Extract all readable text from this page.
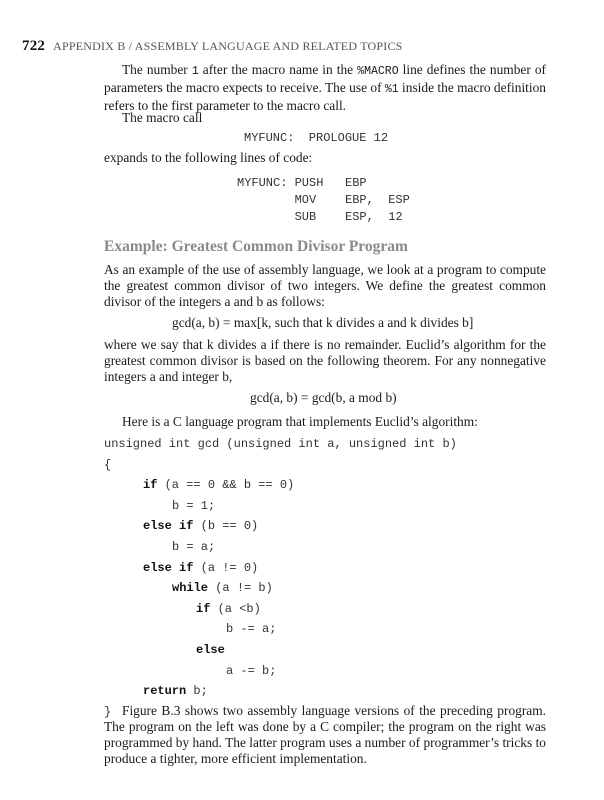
722 APPENDIX B / ASSEMBLY LANGUAGE AND RELATED TOPICS
The number 1 after the macro name in the %MACRO line defines the number of parameters the macro expects to receive. The use of %1 inside the macro definition refers to the first parameter to the macro call.
The macro call
MYFUNC:  PROLOGUE 12
expands to the following lines of code:
MYFUNC: PUSH   EBP
MOV    EBP,  ESP
SUB    ESP,  12
Example: Greatest Common Divisor Program
As an example of the use of assembly language, we look at a program to compute the greatest common divisor of two integers. We define the greatest common divisor of the integers a and b as follows:
gcd(a, b) = max[k, such that k divides a and k divides b]
where we say that k divides a if there is no remainder. Euclid’s algorithm for the greatest common divisor is based on the following theorem. For any nonnegative integers a and integer b,
gcd(a, b) = gcd(b, a mod b)
Here is a C language program that implements Euclid’s algorithm:
unsigned int gcd (unsigned int a, unsigned int b)
{
if (a == 0 && b == 0)
b = 1;
else if (b == 0)
b = a;
else if (a != 0)
while (a != b)
if (a <b)
b -= a;
else
a -= b;
return b;
} Figure B.3 shows two assembly language versions of the preceding program. The program on the left was done by a C compiler; the program on the right was programmed by hand. The latter program uses a number of programmer’s tricks to produce a tighter, more efficient implementation.
